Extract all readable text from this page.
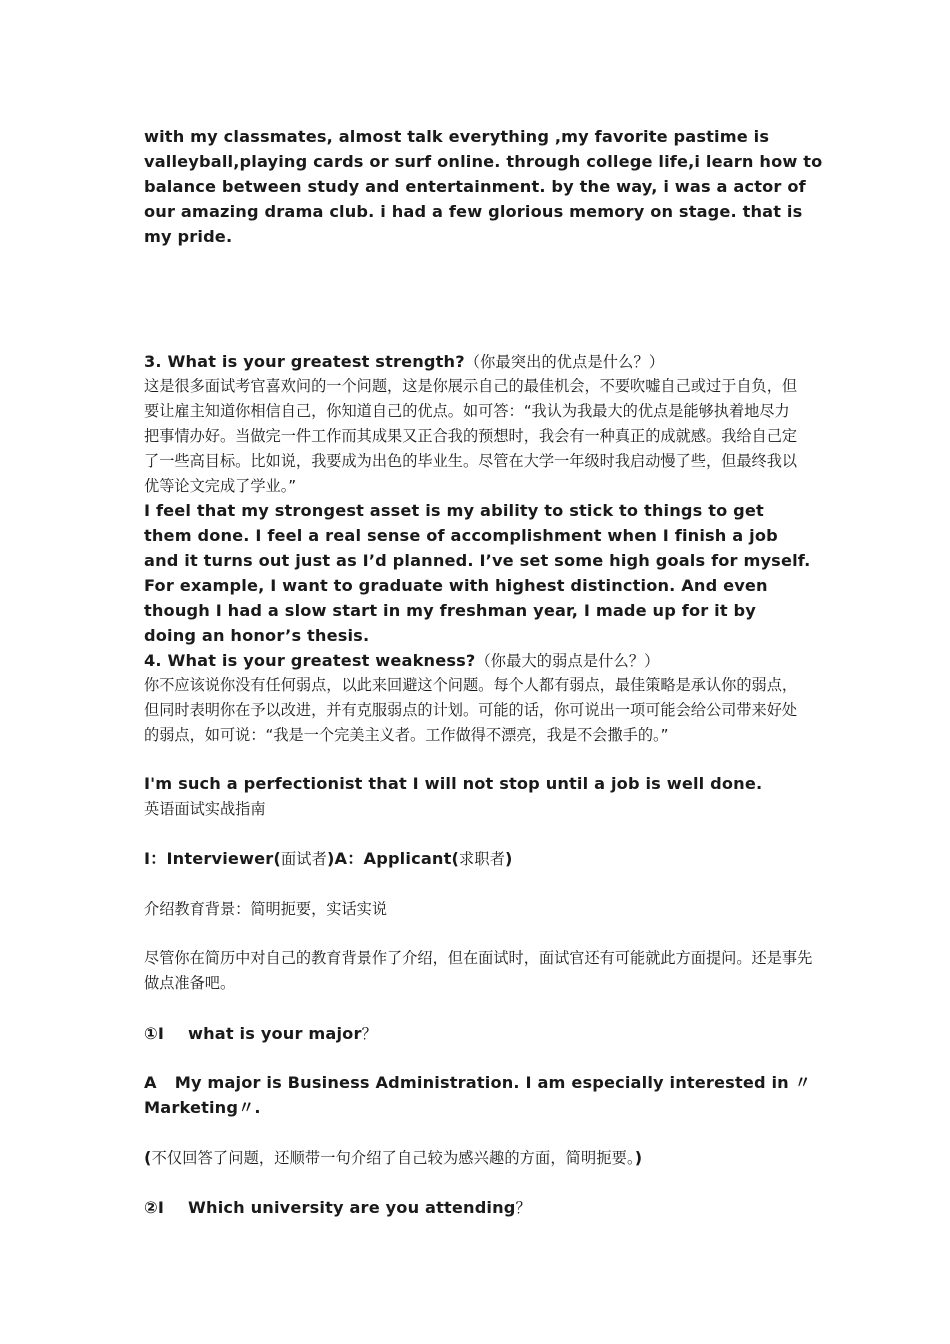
with my classmates, almost talk everything ,my favorite pastime is valleyball,playing cards or surf online. through college life,i learn how to balance between study and entertainment. by the way, i was a actor of our amazing drama club. i had a few glorious memory on stage. that is my pride.

3. What is your greatest strength?（你最突出的优点是什么？）

这是很多面试考官喜欢问的一个问题，这是你展示自己的最佳机会，不要吹嘘自己或过于自负，但要让雇主知道你相信自己，你知道自己的优点。如可答：“我认为我最大的优点是能够执着地尽力把事情办好。当做完一件工作而其成果又正合我的预想时，我会有一种真正的成就感。我给自己定了一些高目标。比如说，我要成为出色的毕业生。尽管在大学一年级时我启动慢了些，但最终我以优等论文完成了学业。”

I feel that my strongest asset is my ability to stick to things to get them done. I feel a real sense of accomplishment when I finish a job and it turns out just as I’d planned. I’ve set some high goals for myself. For example, I want to graduate with highest distinction. And even though I had a slow start in my freshman year, I made up for it by doing an honor’s thesis.

4. What is your greatest weakness?（你最大的弱点是什么？）

你不应该说你没有任何弱点，以此来回避这个问题。每个人都有弱点，最佳策略是承认你的弱点，但同时表明你在予以改进，并有克服弱点的计划。可能的话，你可说出一项可能会给公司带来好处的弱点，如可说：“我是一个完美主义者。工作做得不漂亮，我是不会撒手的。”

I'm such a perfectionist that I will not stop until a job is well done.

英语面试实战指南

I：Interviewer(面试者)A：Applicant(求职者)

介绍教育背景：简明扼要，实话实说

尽管你在简历中对自己的教育背景作了介绍，但在面试时，面试官还有可能就此方面提问。还是事先做点准备吧。

①I what is your major？

A My major is Business Administration. I am especially interested in 〃Marketing〃.

(不仅回答了问题，还顺带一句介绍了自己较为感兴趣的方面，简明扼要。)

②I Which university are you attending？
